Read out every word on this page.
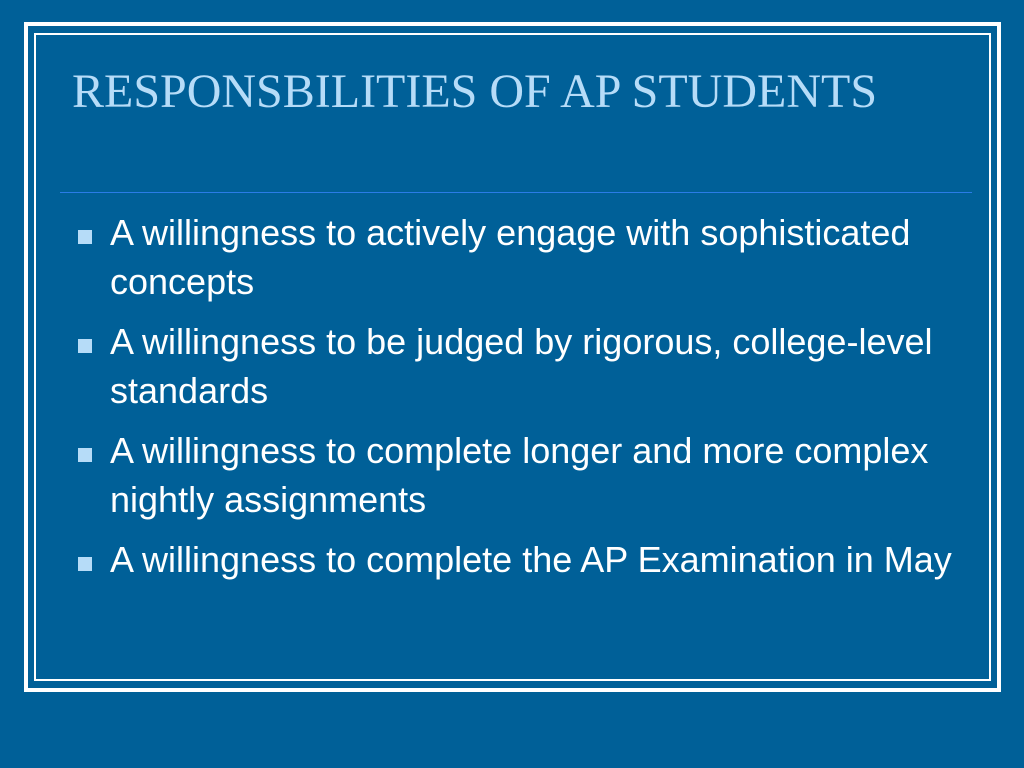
RESPONSBILITIES OF AP STUDENTS
A willingness to actively engage with sophisticated concepts
A willingness to be judged by rigorous, college-level standards
A willingness to complete longer and more complex nightly assignments
A willingness to complete the AP Examination in May
